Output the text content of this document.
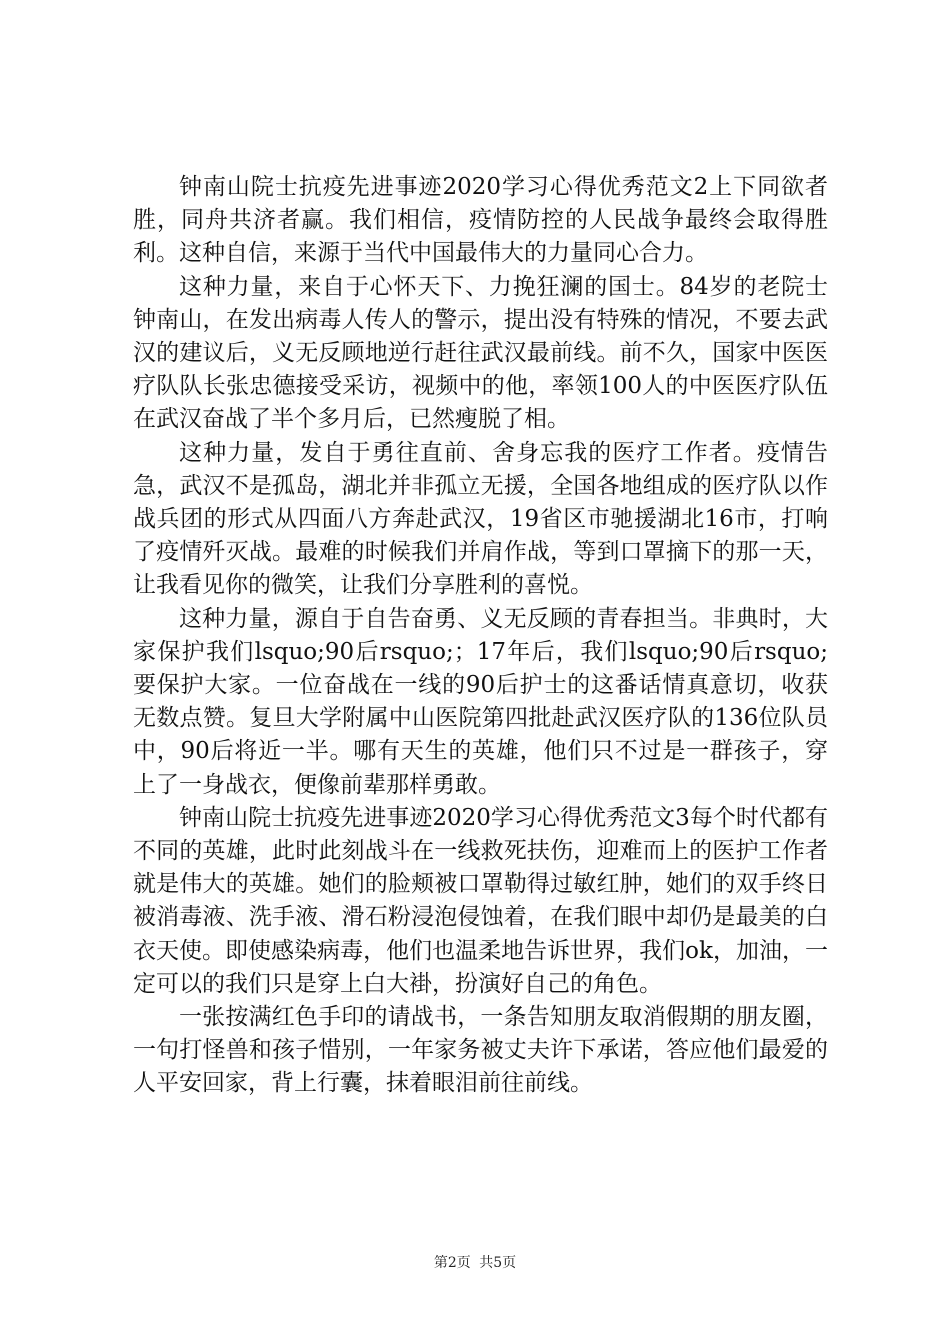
钟南山院士抗疫先进事迹2020学习心得优秀范文2上下同欲者胜，同舟共济者赢。我们相信，疫情防控的人民战争最终会取得胜利。这种自信，来源于当代中国最伟大的力量同心合力。

这种力量，来自于心怀天下、力挽狂澜的国士。84岁的老院士钟南山，在发出病毒人传人的警示，提出没有特殊的情况，不要去武汉的建议后，义无反顾地逆行赶往武汉最前线。前不久，国家中医医疗队队长张忠德接受采访，视频中的他，率领100人的中医医疗队伍在武汉奋战了半个多月后，已然瘦脱了相。

这种力量，发自于勇往直前、舍身忘我的医疗工作者。疫情告急，武汉不是孤岛，湖北并非孤立无援，全国各地组成的医疗队以作战兵团的形式从四面八方奔赴武汉，19省区市驰援湖北16市，打响了疫情歼灭战。最难的时候我们并肩作战，等到口罩摘下的那一天，让我看见你的微笑，让我们分享胜利的喜悦。

这种力量，源自于自告奋勇、义无反顾的青春担当。非典时，大家保护我们lsquo;90后rsquo;；17年后，我们lsquo;90后rsquo;要保护大家。一位奋战在一线的90后护士的这番话情真意切，收获无数点赞。复旦大学附属中山医院第四批赴武汉医疗队的136位队员中，90后将近一半。哪有天生的英雄，他们只不过是一群孩子，穿上了一身战衣，便像前辈那样勇敢。

钟南山院士抗疫先进事迹2020学习心得优秀范文3每个时代都有不同的英雄，此时此刻战斗在一线救死扶伤，迎难而上的医护工作者就是伟大的英雄。她们的脸颊被口罩勒得过敏红肿，她们的双手终日被消毒液、洗手液、滑石粉浸泡侵蚀着，在我们眼中却仍是最美的白衣天使。即使感染病毒，他们也温柔地告诉世界，我们ok，加油，一定可以的我们只是穿上白大褂，扮演好自己的角色。

一张按满红色手印的请战书，一条告知朋友取消假期的朋友圈，一句打怪兽和孩子惜别，一年家务被丈夫许下承诺，答应他们最爱的人平安回家，背上行囊，抹着眼泪前往前线。

第2页 共5页
